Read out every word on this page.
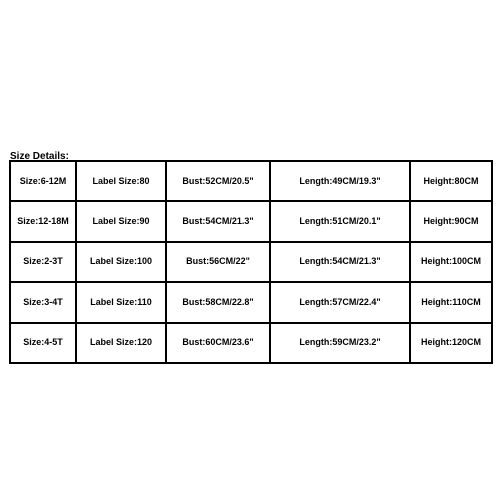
Size Details:
Size:6-12M	Label Size:80	Bust:52CM/20.5"	Length:49CM/19.3"	Height:80CM
Size:12-18M	Label Size:90	Bust:54CM/21.3"	Length:51CM/20.1"	Height:90CM
Size:2-3T	Label Size:100	Bust:56CM/22"	Length:54CM/21.3"	Height:100CM
Size:3-4T	Label Size:110	Bust:58CM/22.8"	Length:57CM/22.4"	Height:110CM
Size:4-5T	Label Size:120	Bust:60CM/23.6"	Length:59CM/23.2"	Height:120CM
